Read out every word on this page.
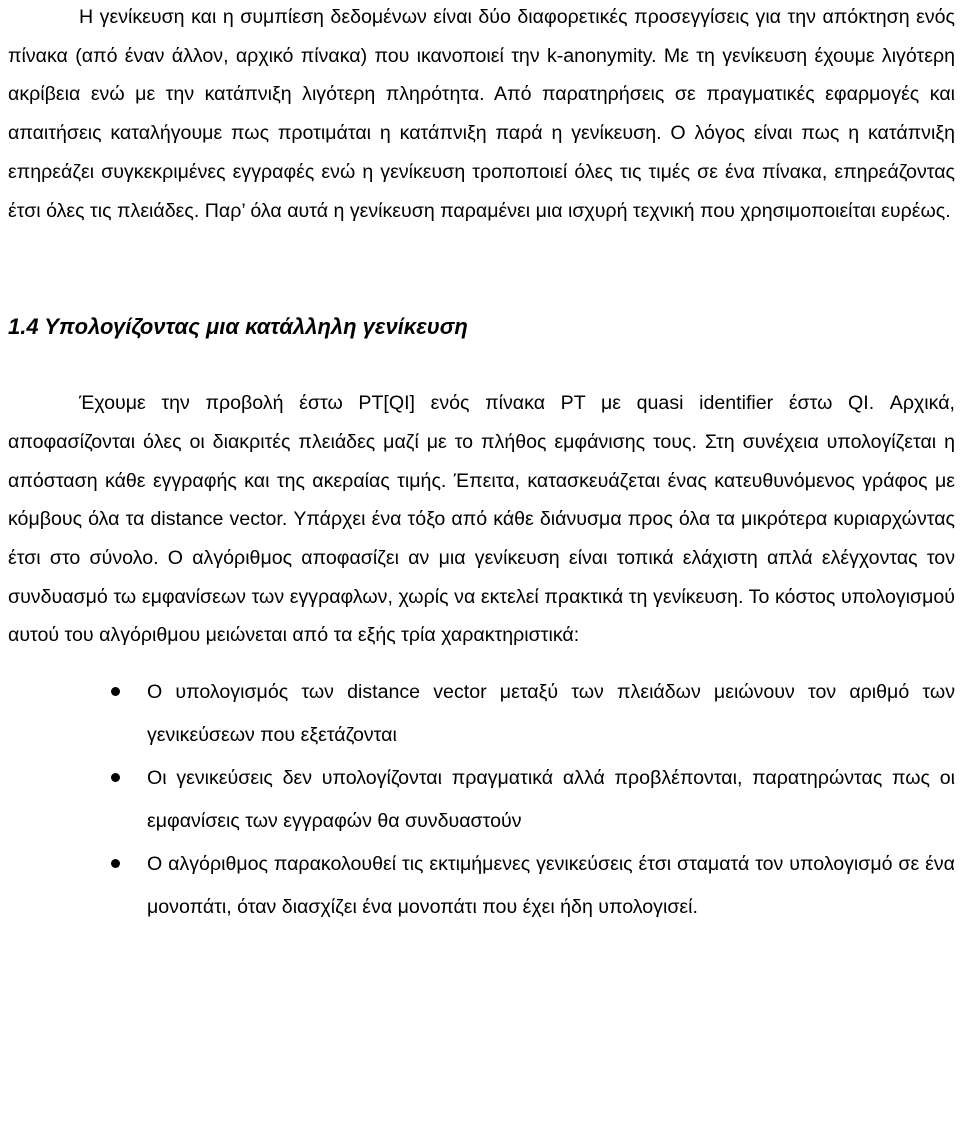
Η γενίκευση και η συμπίεση δεδομένων είναι δύο διαφορετικές προσεγγίσεις για την απόκτηση ενός πίνακα (από έναν άλλον, αρχικό πίνακα) που ικανοποιεί την k-anonymity. Με τη γενίκευση έχουμε λιγότερη ακρίβεια ενώ με την κατάπνιξη λιγότερη πληρότητα. Από παρατηρήσεις σε πραγματικές εφαρμογές και απαιτήσεις καταλήγουμε πως προτιμάται η κατάπνιξη παρά η γενίκευση. Ο λόγος είναι πως η κατάπνιξη επηρεάζει συγκεκριμένες εγγραφές ενώ η γενίκευση τροποποιεί όλες τις τιμές σε ένα πίνακα, επηρεάζοντας έτσι όλες τις πλειάδες. Παρ’ όλα αυτά η γενίκευση παραμένει μια ισχυρή τεχνική που χρησιμοποιείται ευρέως.

1.4 Υπολογίζοντας μια κατάλληλη γενίκευση

Έχουμε την προβολή έστω PT[QI] ενός πίνακα PT με quasi identifier έστω QI. Αρχικά, αποφασίζονται όλες οι διακριτές πλειάδες μαζί με το πλήθος εμφάνισης τους. Στη συνέχεια υπολογίζεται η απόσταση κάθε εγγραφής και της ακεραίας τιμής. Έπειτα, κατασκευάζεται ένας κατευθυνόμενος γράφος με κόμβους όλα τα distance vector. Υπάρχει ένα τόξο από κάθε διάνυσμα προς όλα τα μικρότερα κυριαρχώντας έτσι στο σύνολο. Ο αλγόριθμος αποφασίζει αν μια γενίκευση είναι τοπικά ελάχιστη απλά ελέγχοντας τον συνδυασμό τω εμφανίσεων των εγγραφλων, χωρίς να εκτελεί πρακτικά τη γενίκευση. Το κόστος υπολογισμού αυτού του αλγόριθμου μειώνεται από τα εξής τρία χαρακτηριστικά:

Ο υπολογισμός των distance vector μεταξύ των πλειάδων μειώνουν τον αριθμό των γενικεύσεων που εξετάζονται
Οι γενικεύσεις δεν υπολογίζονται πραγματικά αλλά προβλέπονται, παρατηρώντας πως οι εμφανίσεις των εγγραφών θα συνδυαστούν
Ο αλγόριθμος παρακολουθεί τις εκτιμήμενες γενικεύσεις έτσι σταματά τον υπολογισμό σε ένα μονοπάτι, όταν διασχίζει ένα μονοπάτι που έχει ήδη υπολογισεί.
